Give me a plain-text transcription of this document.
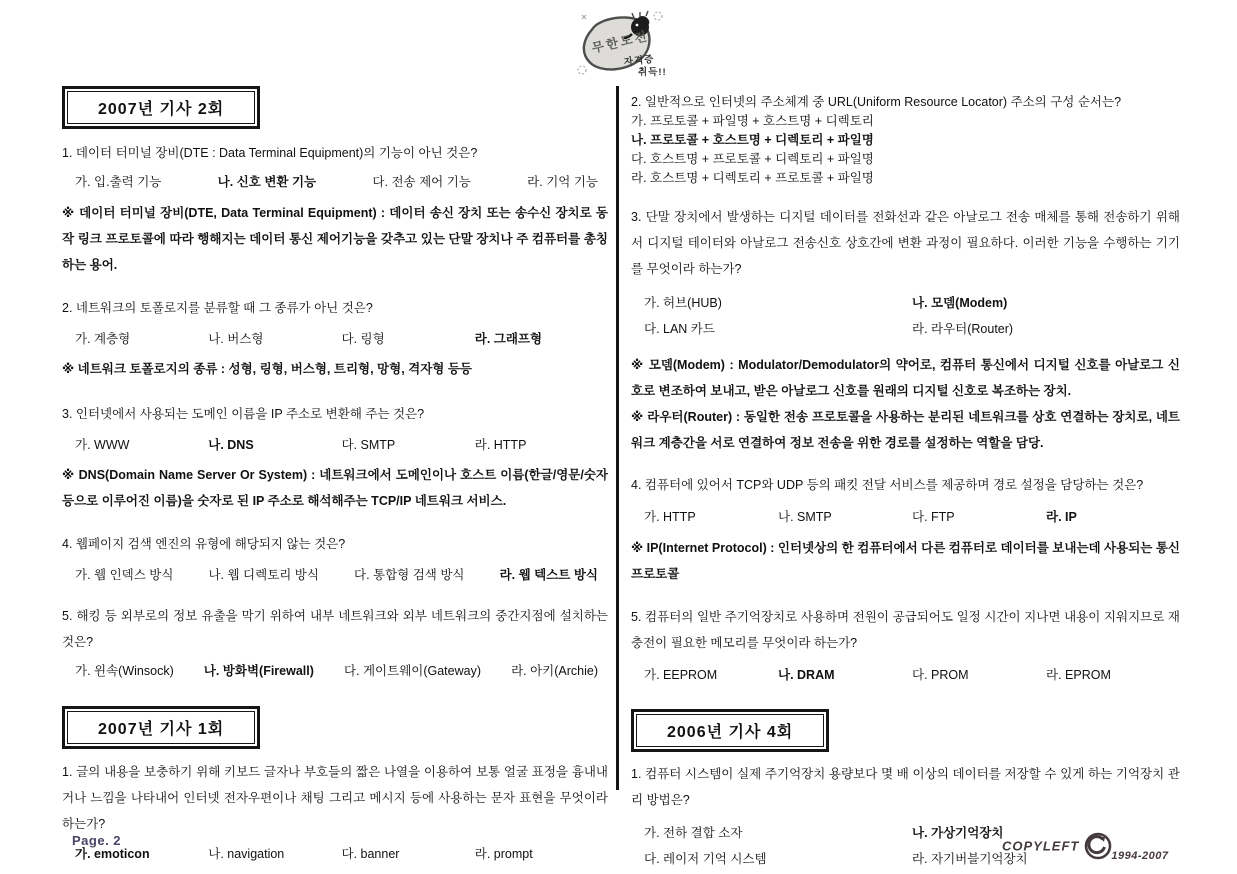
무한도전
자격증
취득!!
2007년 기사 2회

1. 데이터 터미널 장비(DTE : Data Terminal Equipment)의 기능이 아닌 것은?

가. 입.출력 기능	나. 신호 변환 기능	다. 전송 제어 기능	라. 기억 기능

※ 데이터 터미널 장비(DTE, Data Terminal Equipment) : 데이터 송신 장치 또는 송수신 장치로 동작 링크 프로토콜에 따라 행해지는 데이터 통신 제어기능을 갖추고 있는 단말 장치나 주 컴퓨터를 총칭하는 용어.

2. 네트워크의 토폴로지를 분류할 때 그 종류가 아닌 것은?

가. 계층형	나. 버스형	다. 링형	라. 그래프형

※ 네트워크 토폴로지의 종류 : 성형, 링형, 버스형, 트리형, 망형, 격자형 등등

3. 인터넷에서 사용되는 도메인 이름을 IP 주소로 변환해 주는 것은?

가. WWW	나. DNS	다. SMTP	라. HTTP

※ DNS(Domain Name Server Or System) : 네트워크에서 도메인이나 호스트 이름(한글/영문/숫자 등으로 이루어진 이름)을 숫자로 된 IP 주소로 해석해주는 TCP/IP 네트워크 서비스.

4. 웹페이지 검색 엔진의 유형에 해당되지 않는 것은?

가. 웹 인덱스 방식	나. 웹 디렉토리 방식	다. 통합형 검색 방식	라. 웹 텍스트 방식

5. 해킹 등 외부로의 정보 유출을 막기 위하여 내부 네트워크와 외부 네트워크의 중간지점에 설치하는 것은?

가. 윈속(Winsock) 나. 방화벽(Firewall) 다. 게이트웨이(Gateway) 라. 아키(Archie)
2007년 기사 1회

1. 글의 내용을 보충하기 위해 키보드 글자나 부호들의 짧은 나열을 이용하여 보통 얼굴 표정을 흉내내거나 느낌을 나타내어 인터넷 전자우편이나 채팅 그리고 메시지 등에 사용하는 문자 표현을 무엇이라 하는가?

가. emoticon	나. navigation	다. banner	라. prompt

2. 일반적으로 인터넷의 주소체계 중 URL(Uniform Resource Locator) 주소의 구성 순서는?

가. 프로토콜 + 파일명 + 호스트명 + 디렉토리
나. 프로토콜 + 호스트명 + 디렉토리 + 파일명
다. 호스트명 + 프로토콜 + 디렉토리 + 파일명
라. 호스트명 + 디렉토리 + 프로토콜 + 파일명

3. 단말 장치에서 발생하는 디지털 데이터를 전화선과 같은 아날로그 전송 매체를 통해 전송하기 위해서 디지털 테이터와 아날로그 전송신호 상호간에 변환 과정이 필요하다. 이러한 기능을 수행하는 기기를 무엇이라 하는가?

가. 허브(HUB)	나. 모뎀(Modem)
다. LAN 카드	라. 라우터(Router)

※ 모뎀(Modem) : Modulator/Demodulator의 약어로, 컴퓨터 통신에서 디지털 신호를 아날로그 신호로 변조하여 보내고, 받은 아날로그 신호를 원래의 디지털 신호로 복조하는 장치.

※ 라우터(Router) : 동일한 전송 프로토콜을 사용하는 분리된 네트워크를 상호 연결하는 장치로, 네트워크 계층간을 서로 연결하여 정보 전송을 위한 경로를 설정하는 역할을 담당.

4. 컴퓨터에 있어서 TCP와 UDP 등의 패킷 전달 서비스를 제공하며 경로 설정을 담당하는 것은?

가. HTTP	나. SMTP	다. FTP	라. IP

※ IP(Internet Protocol) : 인터넷상의 한 컴퓨터에서 다른 컴퓨터로 데이터를 보내는데 사용되는 통신 프로토콜

5. 컴퓨터의 일반 주기억장치로 사용하며 전원이 공급되어도 일정 시간이 지나면 내용이 지워지므로 재충전이 필요한 메모리를 무엇이라 하는가?

가. EEPROM	나. DRAM	다. PROM	라. EPROM
2006년 기사 4회

1. 컴퓨터 시스템이 실제 주기억장치 용량보다 몇 배 이상의 데이터를 저장할 수 있게 하는 기억장치 관리 방법은?

가. 전하 결합 소자	나. 가상기억장치
다. 레이저 기억 시스템	라. 자기버블기억장치
Page. 2	$COPYLEFT_{1994-2007}$
